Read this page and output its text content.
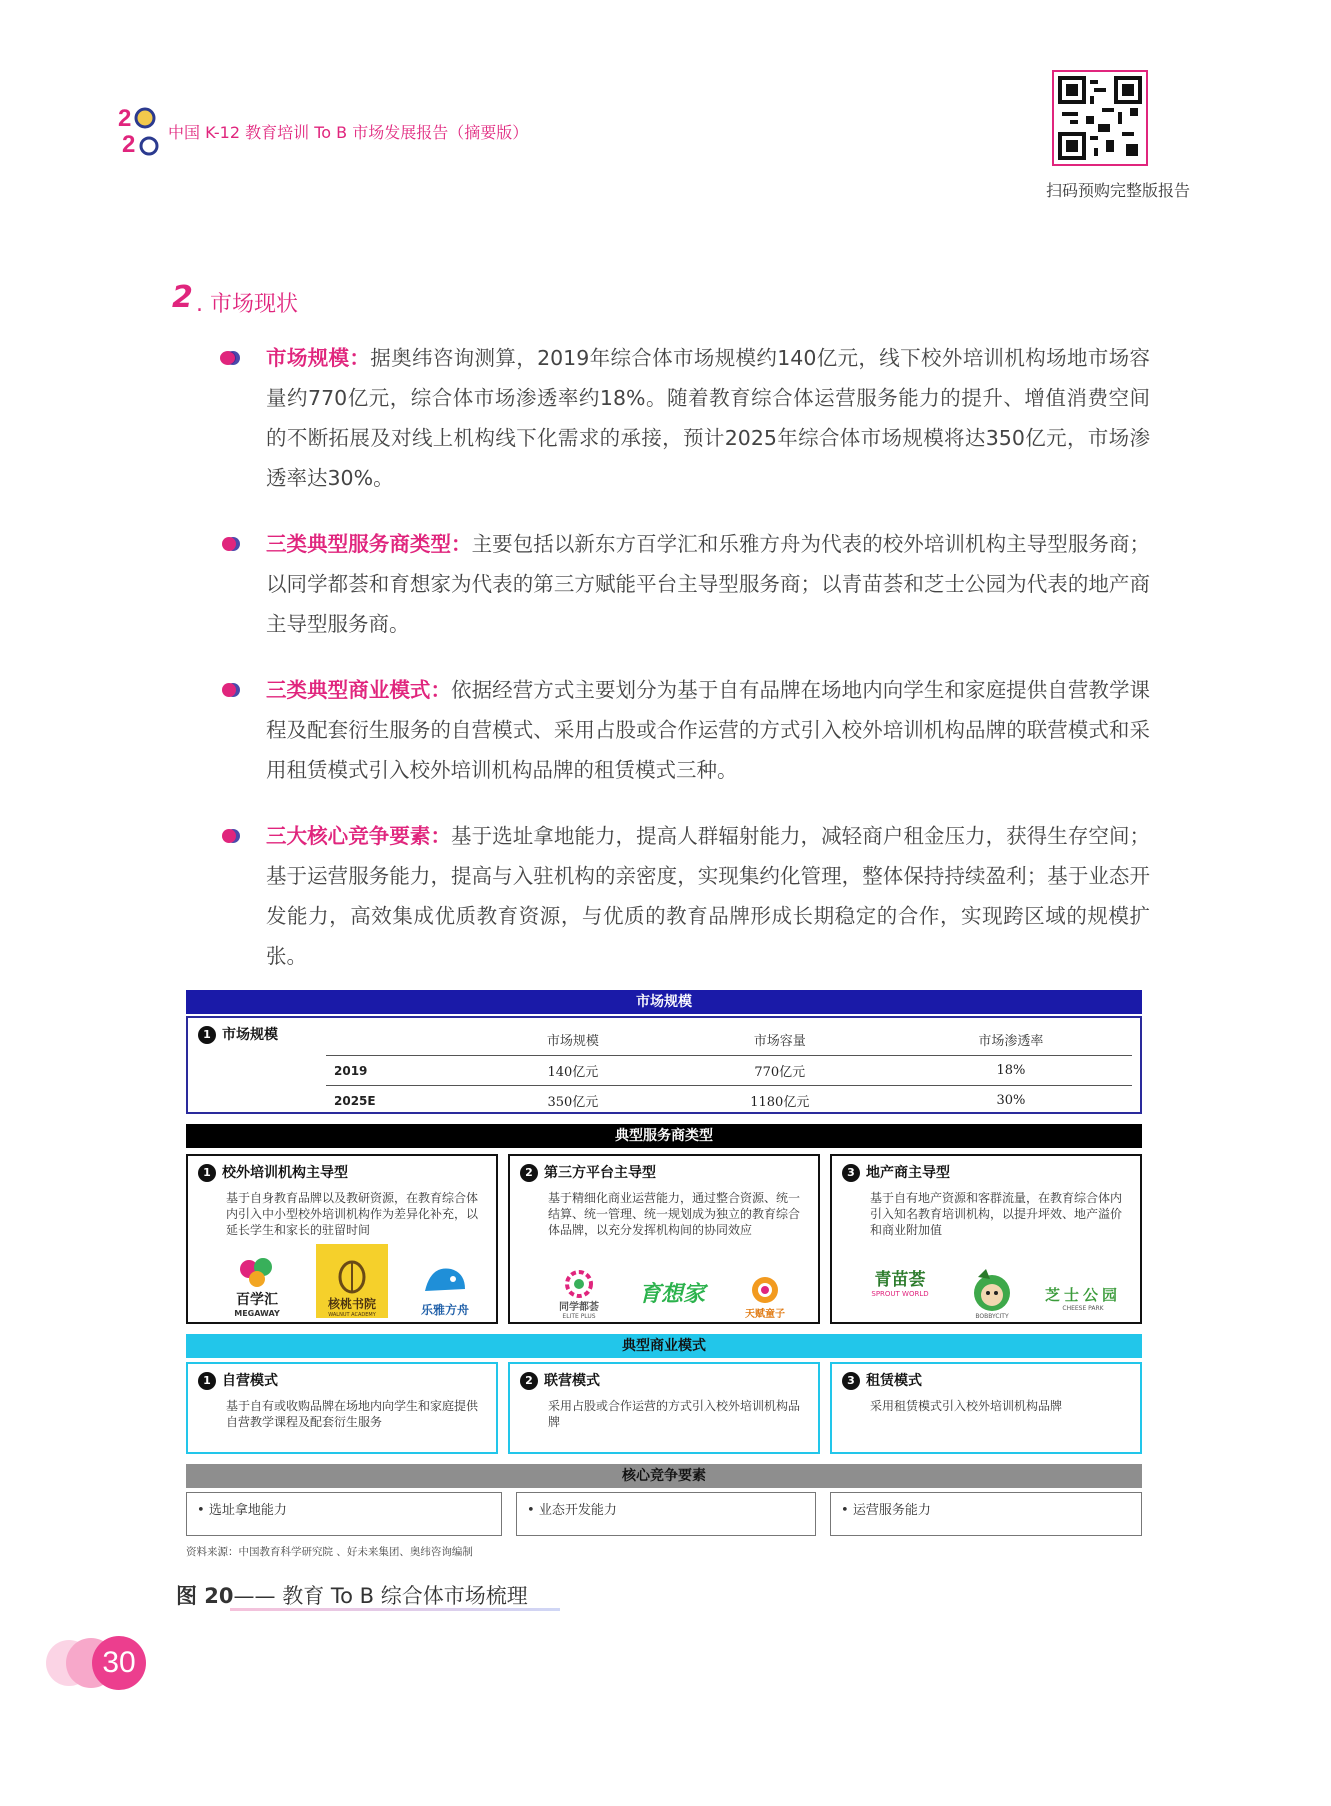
2
2 中国 K-12 教育培训 To B 市场发展报告（摘要版）
扫码预购完整版报告
2 . 市场现状
市场规模：据奥纬咨询测算，2019年综合体市场规模约140亿元，线下校外培训机构场地市场容量约770亿元，综合体市场渗透率约18%。随着教育综合体运营服务能力的提升、增值消费空间的不断拓展及对线上机构线下化需求的承接，预计2025年综合体市场规模将达350亿元，市场渗透率达30%。
三类典型服务商类型：主要包括以新东方百学汇和乐雅方舟为代表的校外培训机构主导型服务商；以同学都荟和育想家为代表的第三方赋能平台主导型服务商；以青苗荟和芝士公园为代表的地产商主导型服务商。
三类典型商业模式：依据经营方式主要划分为基于自有品牌在场地内向学生和家庭提供自营教学课程及配套衍生服务的自营模式、采用占股或合作运营的方式引入校外培训机构品牌的联营模式和采用租赁模式引入校外培训机构品牌的租赁模式三种。
三大核心竞争要素：基于选址拿地能力，提高人群辐射能力，减轻商户租金压力，获得生存空间；基于运营服务能力，提高与入驻机构的亲密度，实现集约化管理，整体保持持续盈利；基于业态开发能力，高效集成优质教育资源，与优质的教育品牌形成长期稳定的合作，实现跨区域的规模扩张。
市场规模
1 市场规模
		市场规模	市场容量	市场渗透率
2019	140亿元	770亿元	18%
2025E	350亿元	1180亿元	30%
典型服务商类型
1 校外培训机构主导型
基于自身教育品牌以及教研资源，在教育综合体内引入中小型校外培训机构作为差异化补充，以延长学生和家长的驻留时间
百学汇
MEGAWAY
核桃书院
WALNUT ACADEMY	乐雅方舟
2 第三方平台主导型
基于精细化商业运营能力，通过整合资源、统一结算、统一管理、统一规划成为独立的教育综合体品牌，以充分发挥机构间的协同效应
同学都荟
ELITE PLUS
育想家
天赋童子
3 地产商主导型
基于自有地产资源和客群流量，在教育综合体内引入知名教育培训机构，以提升坪效、地产溢价和商业附加值
青苗荟
SPROUT WORLD
BOBBYCITY
芝士公园
CHEESE PARK
典型商业模式
1 自营模式
基于自有或收购品牌在场地内向学生和家庭提供自营教学课程及配套衍生服务
2 联营模式
采用占股或合作运营的方式引入校外培训机构品牌
3 租赁模式
采用租赁模式引入校外培训机构品牌
核心竞争要素
• 选址拿地能力	• 业态开发能力	• 运营服务能力
资料来源：中国教育科学研究院 、好未来集团、奥纬咨询编制
图 20—— 教育 To B 综合体市场梳理
30
